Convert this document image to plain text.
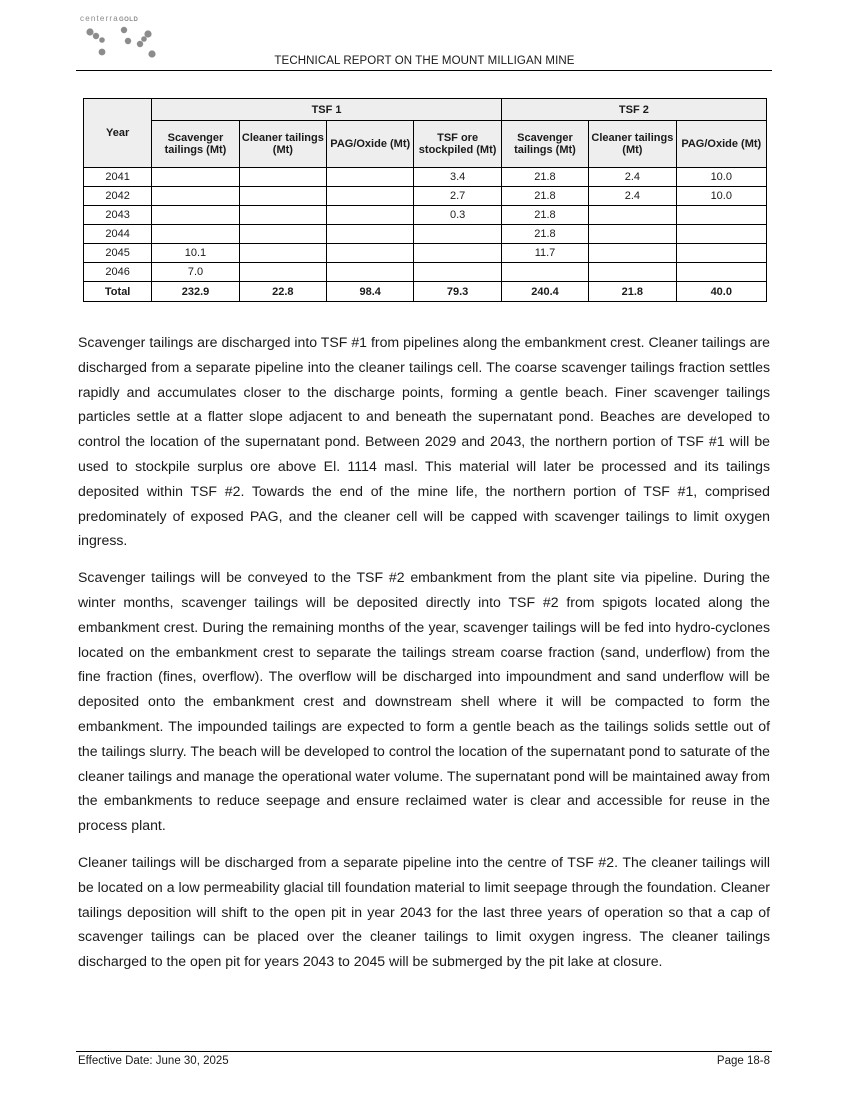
centerraGOLD
TECHNICAL REPORT ON THE MOUNT MILLIGAN MINE
Year	TSF 1				TSF 2		
	Scavenger tailings (Mt)	Cleaner tailings (Mt)	PAG/Oxide (Mt)	TSF ore stockpiled (Mt)	Scavenger tailings (Mt)	Cleaner tailings (Mt)	PAG/Oxide (Mt)
2041				3.4	21.8	2.4	10.0
2042				2.7	21.8	2.4	10.0
2043				0.3	21.8		
2044					21.8		
2045	10.1				11.7		
2046	7.0						
Total	232.9	22.8	98.4	79.3	240.4	21.8	40.0

Scavenger tailings are discharged into TSF #1 from pipelines along the embankment crest. Cleaner tailings are discharged from a separate pipeline into the cleaner tailings cell. The coarse scavenger tailings fraction settles rapidly and accumulates closer to the discharge points, forming a gentle beach. Finer scavenger tailings particles settle at a flatter slope adjacent to and beneath the supernatant pond. Beaches are developed to control the location of the supernatant pond. Between 2029 and 2043, the northern portion of TSF #1 will be used to stockpile surplus ore above El. 1114 masl. This material will later be processed and its tailings deposited within TSF #2. Towards the end of the mine life, the northern portion of TSF #1, comprised predominately of exposed PAG, and the cleaner cell will be capped with scavenger tailings to limit oxygen ingress.

Scavenger tailings will be conveyed to the TSF #2 embankment from the plant site via pipeline. During the winter months, scavenger tailings will be deposited directly into TSF #2 from spigots located along the embankment crest. During the remaining months of the year, scavenger tailings will be fed into hydro-cyclones located on the embankment crest to separate the tailings stream coarse fraction (sand, underflow) from the fine fraction (fines, overflow). The overflow will be discharged into impoundment and sand underflow will be deposited onto the embankment crest and downstream shell where it will be compacted to form the embankment. The impounded tailings are expected to form a gentle beach as the tailings solids settle out of the tailings slurry. The beach will be developed to control the location of the supernatant pond to saturate of the cleaner tailings and manage the operational water volume. The supernatant pond will be maintained away from the embankments to reduce seepage and ensure reclaimed water is clear and accessible for reuse in the process plant.

Cleaner tailings will be discharged from a separate pipeline into the centre of TSF #2. The cleaner tailings will be located on a low permeability glacial till foundation material to limit seepage through the foundation. Cleaner tailings deposition will shift to the open pit in year 2043 for the last three years of operation so that a cap of scavenger tailings can be placed over the cleaner tailings to limit oxygen ingress. The cleaner tailings discharged to the open pit for years 2043 to 2045 will be submerged by the pit lake at closure.

Effective Date: June 30, 2025	Page 18-8
